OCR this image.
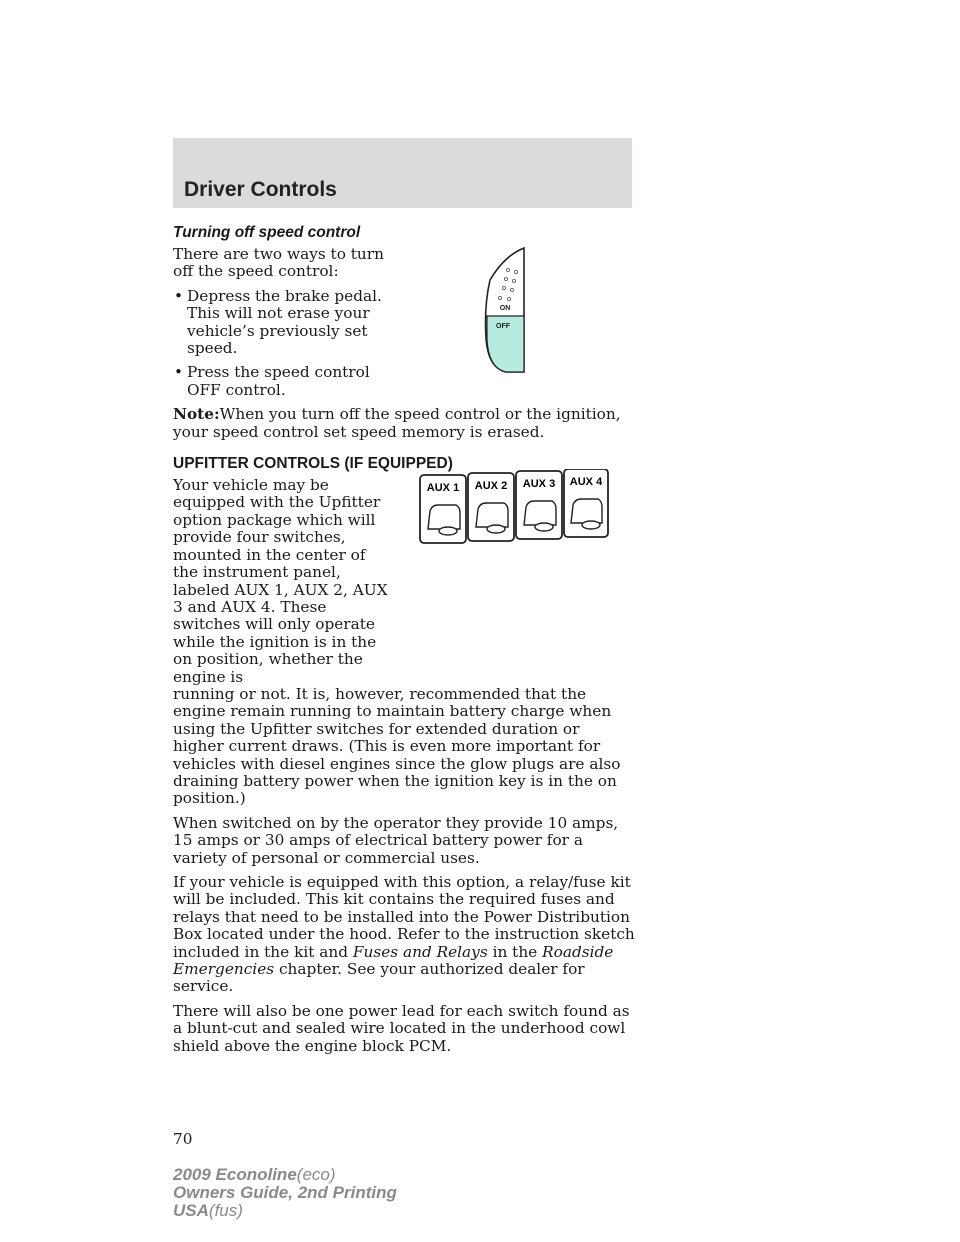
Driver Controls
Turning off speed control

There are two ways to turn off the speed control:

• Depress the brake pedal. This will not erase your vehicle’s previously set speed.
• Press the speed control OFF control.

Note:When you turn off the speed control or the ignition, your speed control set speed memory is erased.

UPFITTER CONTROLS (IF EQUIPPED)

Your vehicle may be equipped with the Upfitter option package which will provide four switches, mounted in the center of the instrument panel, labeled AUX 1, AUX 2, AUX 3 and AUX 4. These switches will only operate while the ignition is in the on position, whether the engine is
running or not. It is, however, recommended that the engine remain running to maintain battery charge when using the Upfitter switches for extended duration or higher current draws. (This is even more important for vehicles with diesel engines since the glow plugs are also draining battery power when the ignition key is in the on position.)

When switched on by the operator they provide 10 amps, 15 amps or 30 amps of electrical battery power for a variety of personal or commercial uses.

If your vehicle is equipped with this option, a relay/fuse kit will be included. This kit contains the required fuses and relays that need to be installed into the Power Distribution Box located under the hood. Refer to the instruction sketch included in the kit and Fuses and Relays in the Roadside Emergencies chapter. See your authorized dealer for service.

There will also be one power lead for each switch found as a blunt-cut and sealed wire located in the underhood cowl shield above the engine block PCM.

ON
OFF
AUX 1 AUX 2 AUX 3 AUX 4
70
2009 Econoline(eco)
Owners Guide, 2nd Printing
USA(fus)
